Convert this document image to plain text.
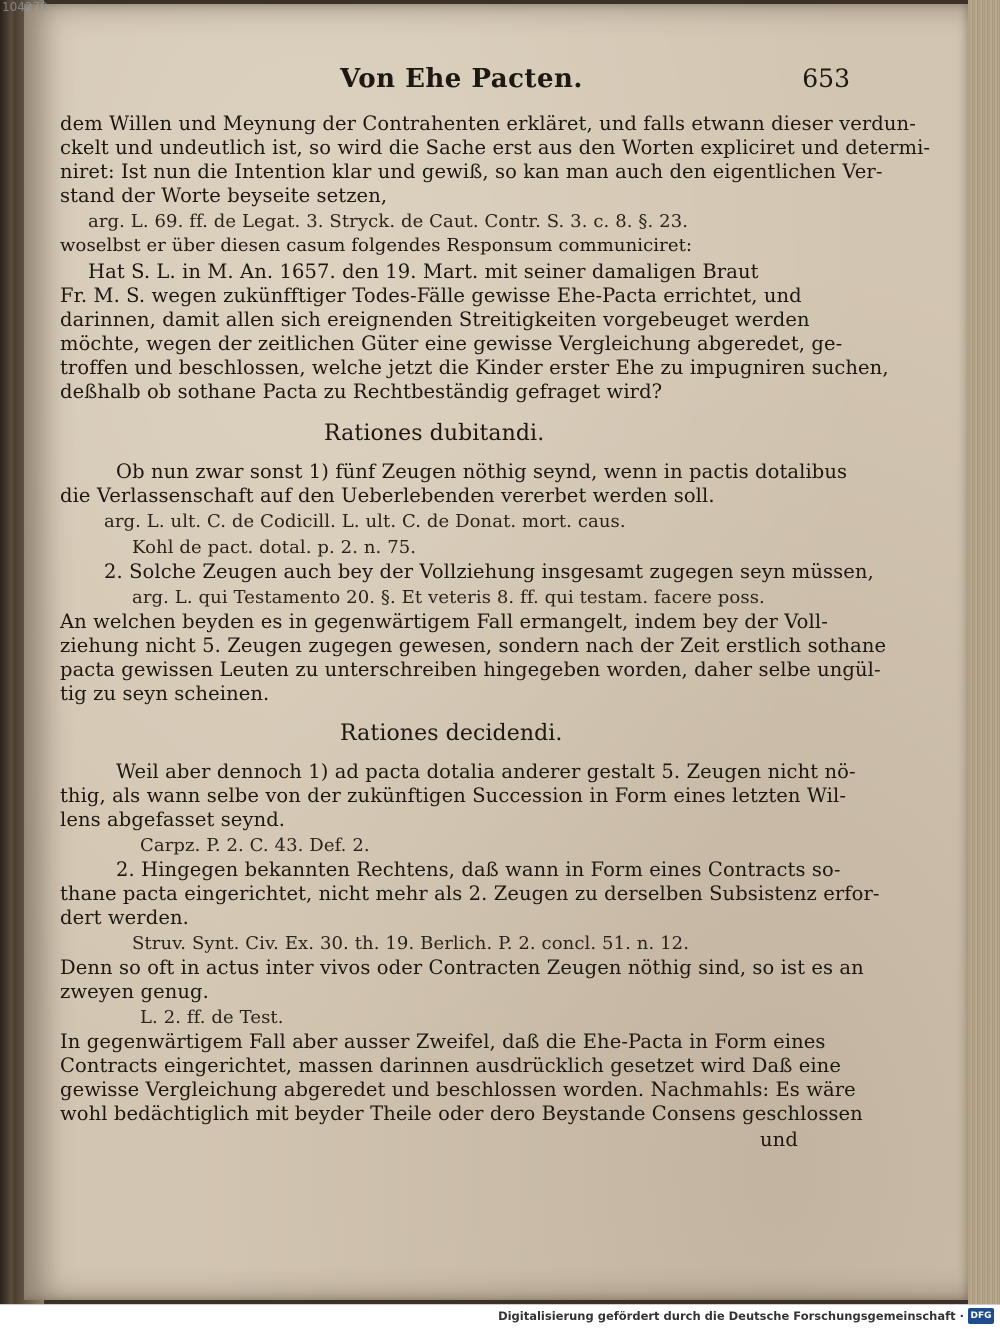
104270
Von Ehe Pacten.	653
dem Willen und Meynung der Contrahenten erkläret, und falls etwann dieser verdun-
ckelt und undeutlich ist, so wird die Sache erst aus den Worten expliciret und determi-
niret: Ist nun die Intention klar und gewiß, so kan man auch den eigentlichen Ver-
stand der Worte beyseite setzen,
arg. L. 69. ff. de Legat. 3. Stryck. de Caut. Contr. S. 3. c. 8. §. 23.
woselbst er über diesen casum folgendes Responsum communiciret:
Hat S. L. in M. An. 1657. den 19. Mart. mit seiner damaligen Braut
Fr. M. S. wegen zukünfftiger Todes-Fälle gewisse Ehe-Pacta errichtet, und
darinnen, damit allen sich ereignenden Streitigkeiten vorgebeuget werden
möchte, wegen der zeitlichen Güter eine gewisse Vergleichung abgeredet, ge-
troffen und beschlossen, welche jetzt die Kinder erster Ehe zu impugniren suchen,
deßhalb ob sothane Pacta zu Rechtbeständig gefraget wird?
Rationes dubitandi.
Ob nun zwar sonst 1) fünf Zeugen nöthig seynd, wenn in pactis dotalibus
die Verlassenschaft auf den Ueberlebenden vererbet werden soll.
arg. L. ult. C. de Codicill. L. ult. C. de Donat. mort. caus.
Kohl de pact. dotal. p. 2. n. 75.
2. Solche Zeugen auch bey der Vollziehung insgesamt zugegen seyn müssen,
arg. L. qui Testamento 20. §. Et veteris 8. ff. qui testam. facere poss.
An welchen beyden es in gegenwärtigem Fall ermangelt, indem bey der Voll-
ziehung nicht 5. Zeugen zugegen gewesen, sondern nach der Zeit erstlich sothane
pacta gewissen Leuten zu unterschreiben hingegeben worden, daher selbe ungül-
tig zu seyn scheinen.
Rationes decidendi.
Weil aber dennoch 1) ad pacta dotalia anderer gestalt 5. Zeugen nicht nö-
thig, als wann selbe von der zukünftigen Succession in Form eines letzten Wil-
lens abgefasset seynd.
Carpz. P. 2. C. 43. Def. 2.
2. Hingegen bekannten Rechtens, daß wann in Form eines Contracts so-
thane pacta eingerichtet, nicht mehr als 2. Zeugen zu derselben Subsistenz erfor-
dert werden.
Struv. Synt. Civ. Ex. 30. th. 19. Berlich. P. 2. concl. 51. n. 12.
Denn so oft in actus inter vivos oder Contracten Zeugen nöthig sind, so ist es an
zweyen genug.
L. 2. ff. de Test.
In gegenwärtigem Fall aber ausser Zweifel, daß die Ehe-Pacta in Form eines
Contracts eingerichtet, massen darinnen ausdrücklich gesetzet wird Daß eine
gewisse Vergleichung abgeredet und beschlossen worden. Nachmahls: Es wäre
wohl bedächtiglich mit beyder Theile oder dero Beystande Consens geschlossen
und
Digitalisierung gefördert durch die Deutsche Forschungsgemeinschaft · DFG
